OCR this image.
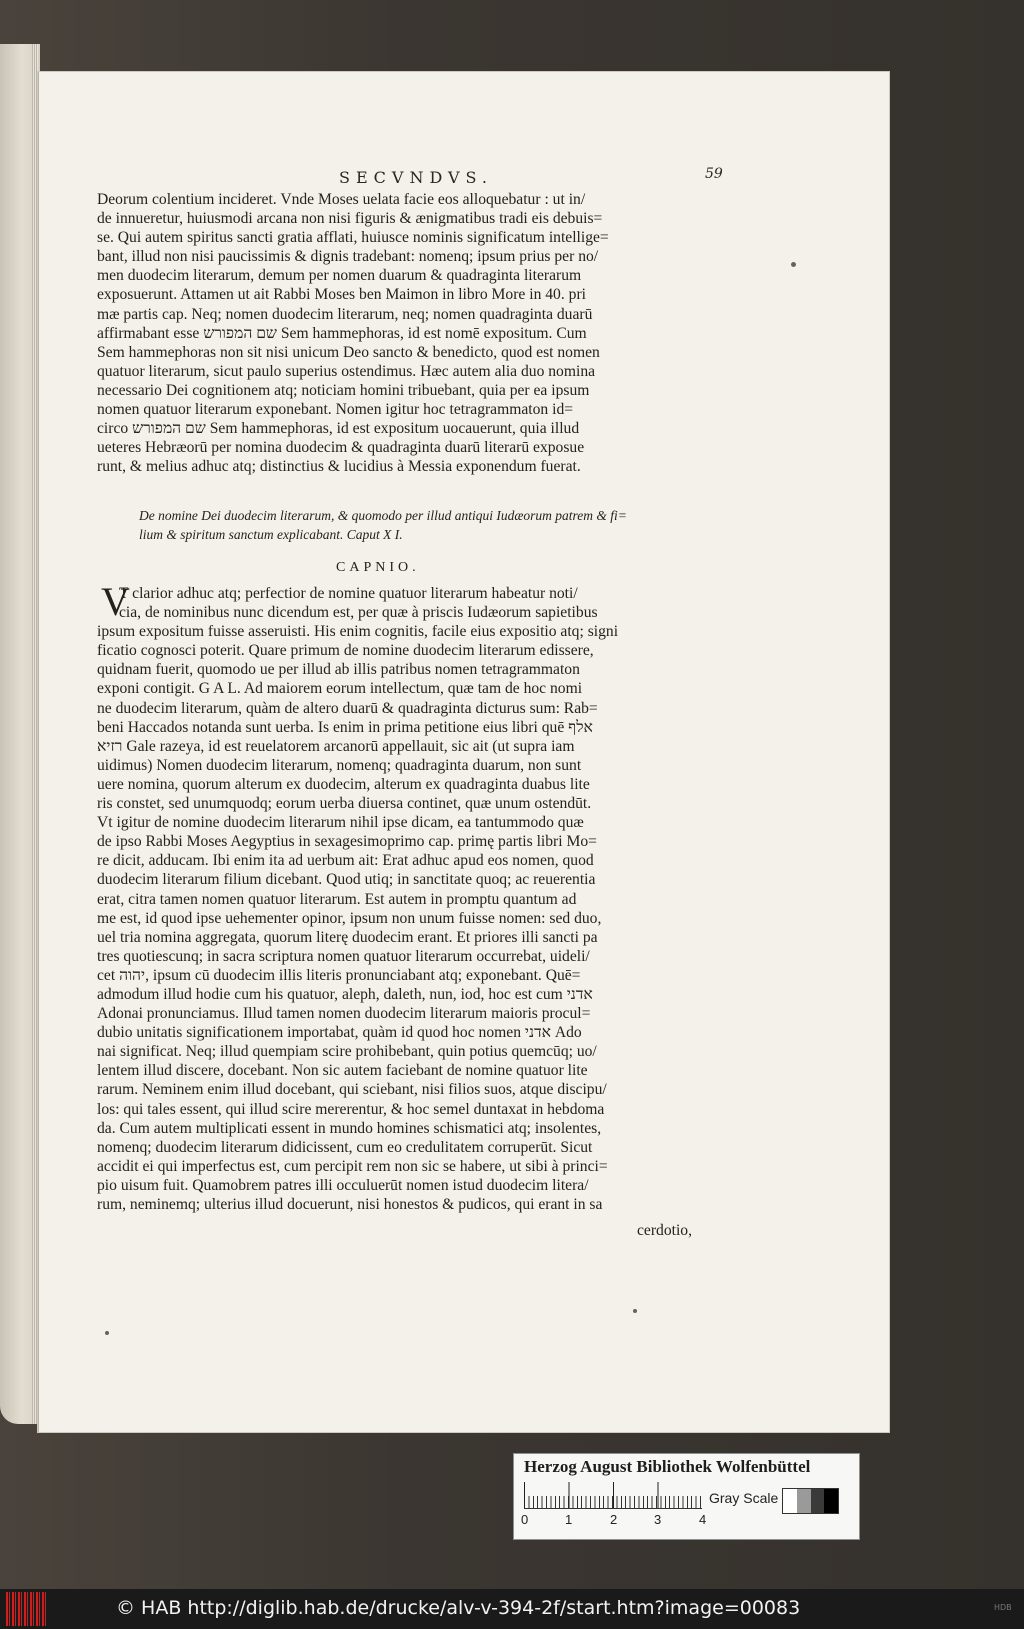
SECVNDVS.	59
Deorum colentium incideret. Vnde Moses uelata facie eos alloquebatur : ut in/
de innueretur, huiusmodi arcana non nisi figuris & ænigmatibus tradi eis debuis=
se. Qui autem spiritus sancti gratia afflati, huiusce nominis significatum intellige=
bant, illud non nisi paucissimis & dignis tradebant: nomenq; ipsum prius per no/
men duodecim literarum, demum per nomen duarum & quadraginta literarum
exposuerunt. Attamen ut ait Rabbi Moses ben Maimon in libro More in 40. pri
mæ partis cap. Neq; nomen duodecim literarum, neq; nomen quadraginta duarū
affirmabant esse שם המפורש Sem hammephoras, id est nomē expositum. Cum
Sem hammephoras non sit nisi unicum Deo sancto & benedicto, quod est nomen
quatuor literarum, sicut paulo superius ostendimus. Hæc autem alia duo nomina
necessario Dei cognitionem atq; noticiam homini tribuebant, quia per ea ipsum
nomen quatuor literarum exponebant. Nomen igitur hoc tetragrammaton id=
circo שם המפורש Sem hammephoras, id est expositum uocauerunt, quia illud
ueteres Hebræorū per nomina duodecim & quadraginta duarū literarū exposue
runt, & melius adhuc atq; distinctius & lucidius à Messia exponendum fuerat.
De nomine Dei duodecim literarum, & quomodo per illud antiqui Iudæorum patrem & fi=
lium & spiritum sanctum explicabant. Caput X I.
CAPNIO.
V
T clarior adhuc atq; perfectior de nomine quatuor literarum habeatur noti/
cia, de nominibus nunc dicendum est, per quæ à priscis Iudæorum sapietibus
ipsum expositum fuisse asseruisti. His enim cognitis, facile eius expositio atq; signi
ficatio cognosci poterit. Quare primum de nomine duodecim literarum edissere,
quidnam fuerit, quomodo ue per illud ab illis patribus nomen tetragrammaton
exponi contigit. G A L. Ad maiorem eorum intellectum, quæ tam de hoc nomi
ne duodecim literarum, quàm de altero duarū & quadraginta dicturus sum: Rab=
beni Haccados notanda sunt uerba. Is enim in prima petitione eius libri quē אלף
רזיא Gale razeya, id est reuelatorem arcanorū appellauit, sic ait (ut supra iam
uidimus) Nomen duodecim literarum, nomenq; quadraginta duarum, non sunt
uere nomina, quorum alterum ex duodecim, alterum ex quadraginta duabus lite
ris constet, sed unumquodq; eorum uerba diuersa continet, quæ unum ostendūt.
Vt igitur de nomine duodecim literarum nihil ipse dicam, ea tantummodo quæ
de ipso Rabbi Moses Aegyptius in sexagesimoprimo cap. primę partis libri Mo=
re dicit, adducam. Ibi enim ita ad uerbum ait: Erat adhuc apud eos nomen, quod
duodecim literarum filium dicebant. Quod utiq; in sanctitate quoq; ac reuerentia
erat, citra tamen nomen quatuor literarum. Est autem in promptu quantum ad
me est, id quod ipse uehementer opinor, ipsum non unum fuisse nomen: sed duo,
uel tria nomina aggregata, quorum literę duodecim erant. Et priores illi sancti pa
tres quotiescunq; in sacra scriptura nomen quatuor literarum occurrebat, uideli/
cet יהוה, ipsum cū duodecim illis literis pronunciabant atq; exponebant. Quē=
admodum illud hodie cum his quatuor, aleph, daleth, nun, iod, hoc est cum אדני
Adonai pronunciamus. Illud tamen nomen duodecim literarum maioris procul=
dubio unitatis significationem importabat, quàm id quod hoc nomen אדני Ado
nai significat. Neq; illud quempiam scire prohibebant, quin potius quemcūq; uo/
lentem illud discere, docebant. Non sic autem faciebant de nomine quatuor lite
rarum. Neminem enim illud docebant, qui sciebant, nisi filios suos, atque discipu/
los: qui tales essent, qui illud scire mererentur, & hoc semel duntaxat in hebdoma
da. Cum autem multiplicati essent in mundo homines schismatici atq; insolentes,
nomenq; duodecim literarum didicissent, cum eo credulitatem corruperūt. Sicut
accidit ei qui imperfectus est, cum percipit rem non sic se habere, ut sibi à princi=
pio uisum fuit. Quamobrem patres illi occuluerūt nomen istud duodecim litera/
rum, neminemq; ulterius illud docuerunt, nisi honestos & pudicos, qui erant in sa
cerdotio,
Herzog August Bibliothek Wolfenbüttel
0	1	2	3	4
Gray Scale
© HAB http://diglib.hab.de/drucke/alv-v-394-2f/start.htm?image=00083	HDB
